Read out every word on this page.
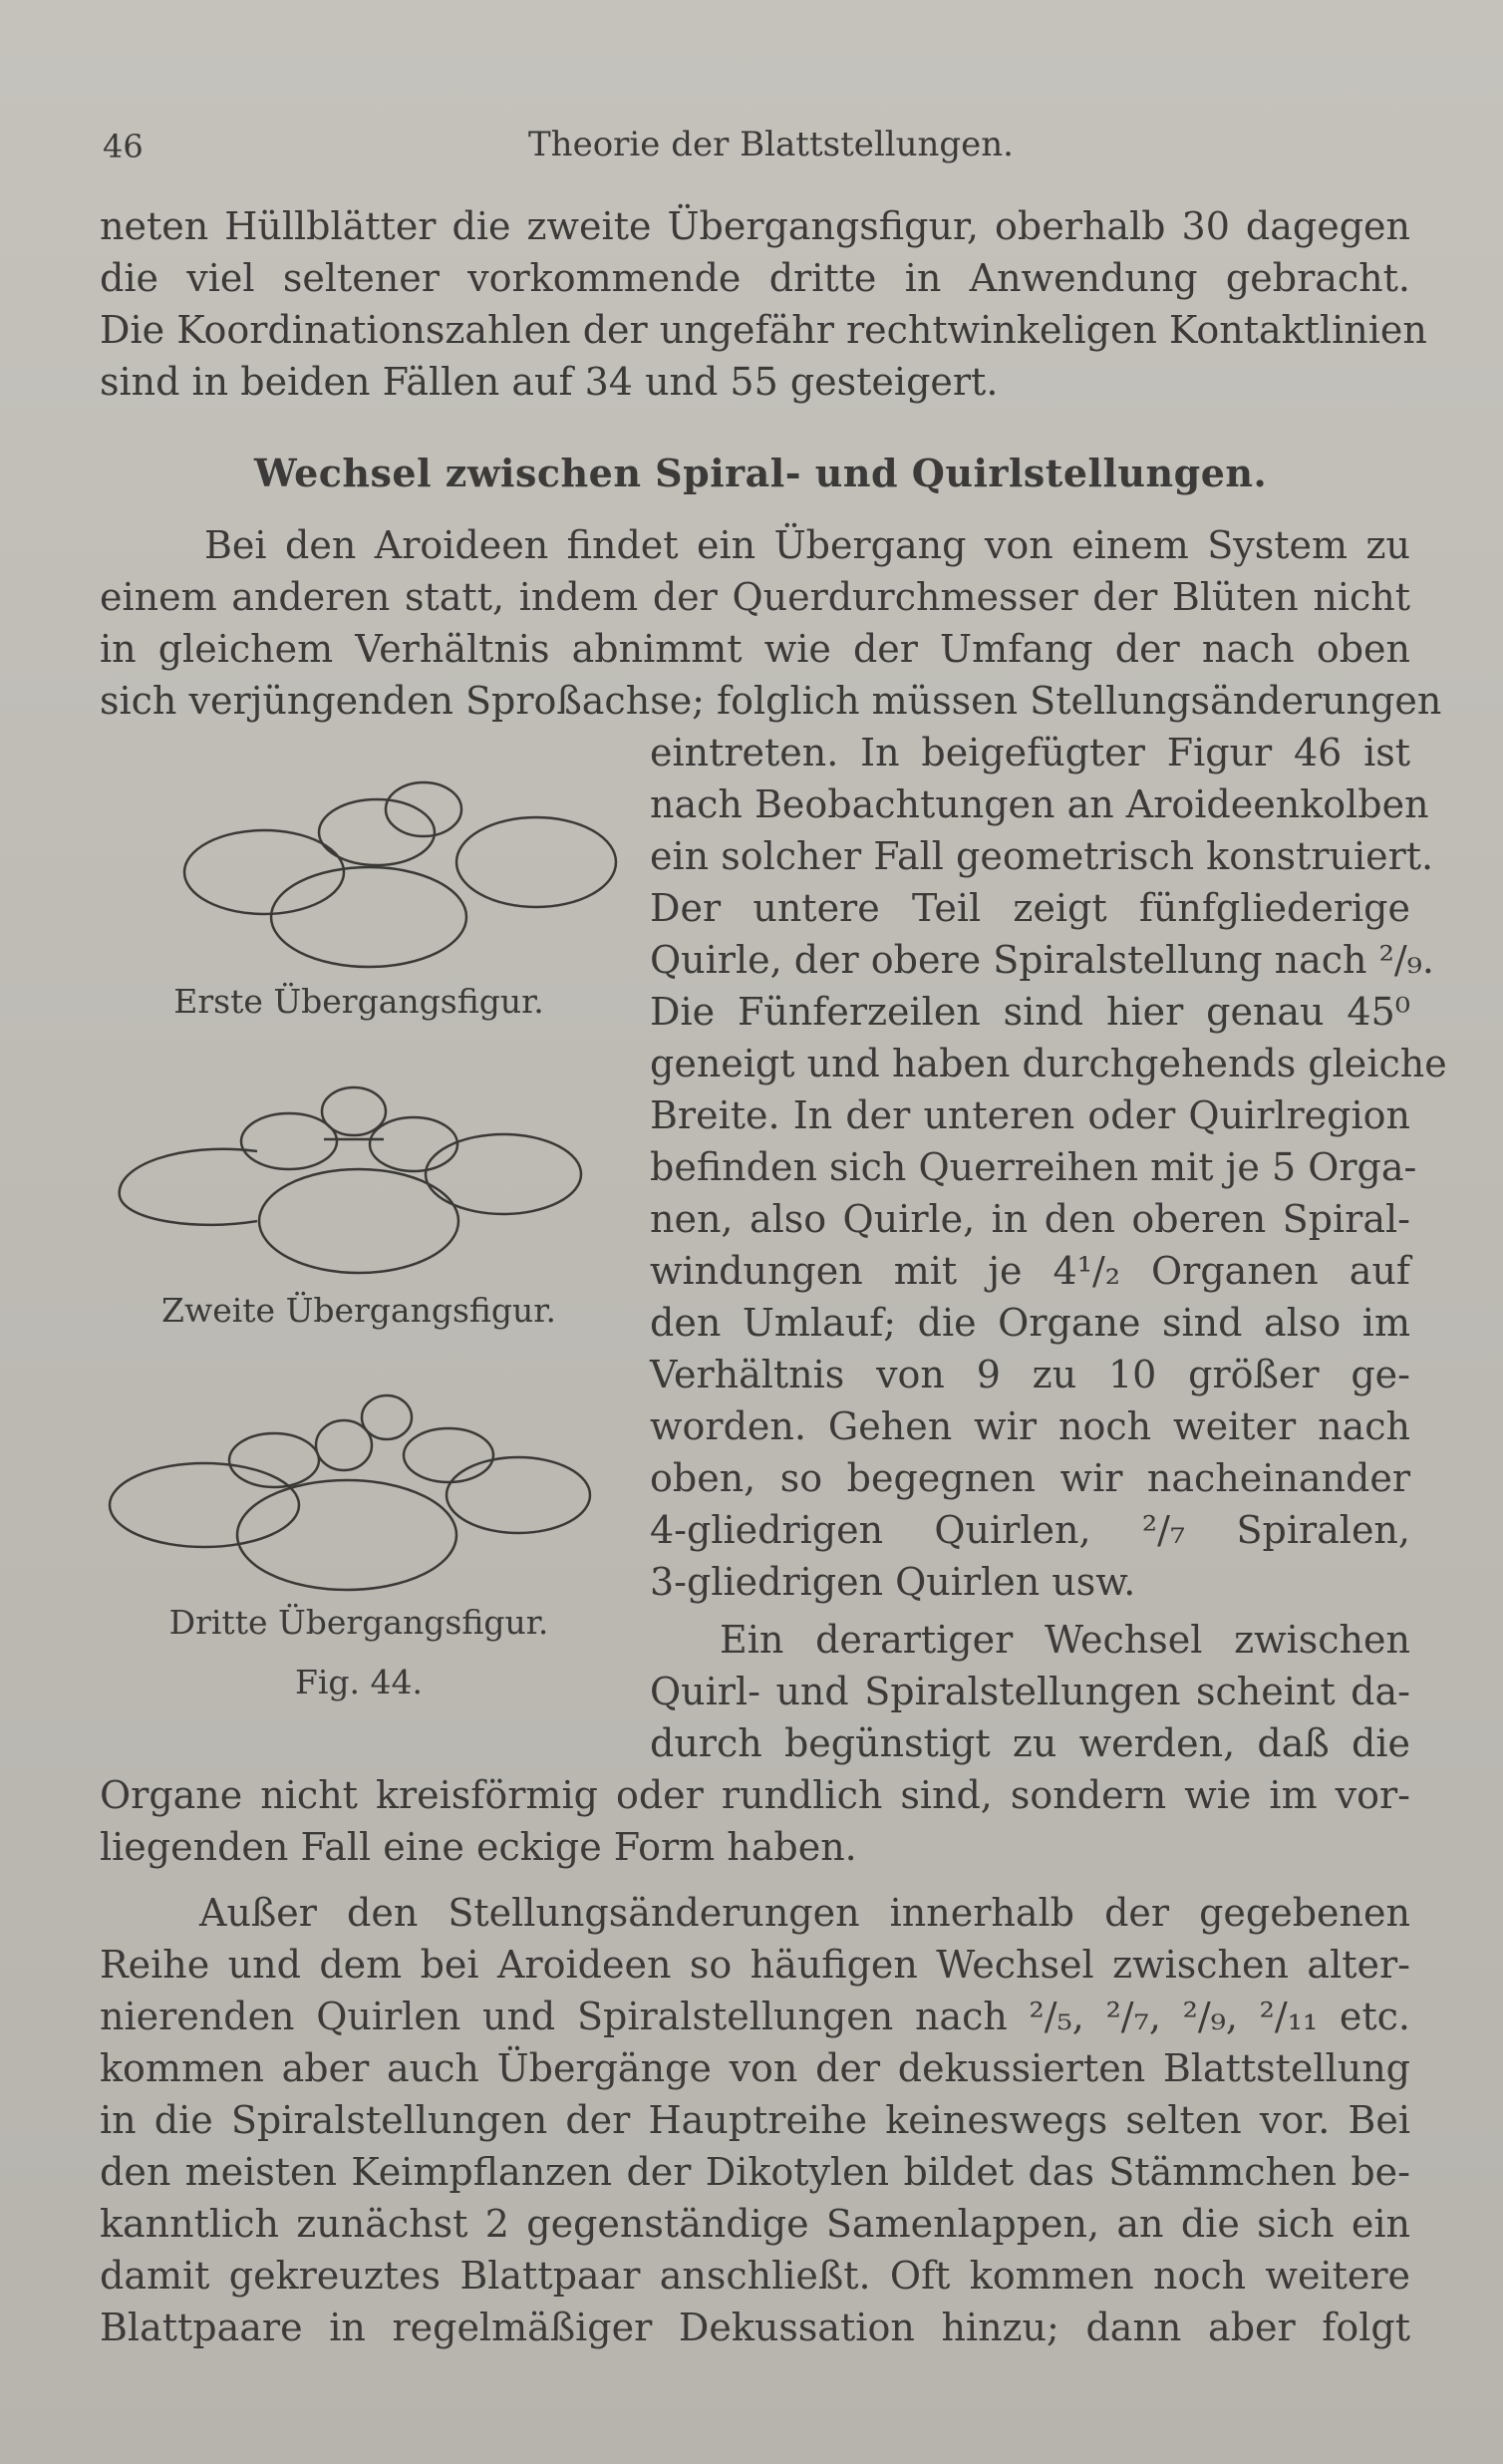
46	Theorie der Blattstellungen.
neten Hüllblätter die zweite Übergangsfigur, oberhalb 30 dagegen
die viel seltener vorkommende dritte in Anwendung gebracht.
Die Koordinationszahlen der ungefähr rechtwinkeligen Kontaktlinien
sind in beiden Fällen auf 34 und 55 gesteigert.
Wechsel zwischen Spiral- und Quirlstellungen.
Bei den Aroideen findet ein Übergang von einem System zu
einem anderen statt, indem der Querdurchmesser der Blüten nicht
in gleichem Verhältnis abnimmt wie der Umfang der nach oben
sich verjüngenden Sproßachse; folglich müssen Stellungsänderungen
eintreten. In beigefügter Figur 46 ist
nach Beobachtungen an Aroideenkolben
ein solcher Fall geometrisch konstruiert.
Der untere Teil zeigt fünfgliederige
Quirle, der obere Spiralstellung nach ²/₉.
Die Fünferzeilen sind hier genau 45⁰
geneigt und haben durchgehends gleiche
Breite. In der unteren oder Quirlregion
befinden sich Querreihen mit je 5 Orga-
nen, also Quirle, in den oberen Spiral-
windungen mit je 4¹/₂ Organen auf
den Umlauf; die Organe sind also im
Verhältnis von 9 zu 10 größer ge-
worden. Gehen wir noch weiter nach
oben, so begegnen wir nacheinander
4-gliedrigen Quirlen, ²/₇ Spiralen,
3-gliedrigen Quirlen usw.
Ein derartiger Wechsel zwischen
Quirl- und Spiralstellungen scheint da-
durch begünstigt zu werden, daß die
Organe nicht kreisförmig oder rundlich sind, sondern wie im vor-
liegenden Fall eine eckige Form haben.
Außer den Stellungsänderungen innerhalb der gegebenen
Reihe und dem bei Aroideen so häufigen Wechsel zwischen alter-
nierenden Quirlen und Spiralstellungen nach ²/₅, ²/₇, ²/₉, ²/₁₁ etc.
kommen aber auch Übergänge von der dekussierten Blattstellung
in die Spiralstellungen der Hauptreihe keineswegs selten vor. Bei
den meisten Keimpflanzen der Dikotylen bildet das Stämmchen be-
kanntlich zunächst 2 gegenständige Samenlappen, an die sich ein
damit gekreuztes Blattpaar anschließt. Oft kommen noch weitere
Blattpaare in regelmäßiger Dekussation hinzu; dann aber folgt
Erste Übergangsfigur.
Zweite Übergangsfigur.
Dritte Übergangsfigur.
Fig. 44.
